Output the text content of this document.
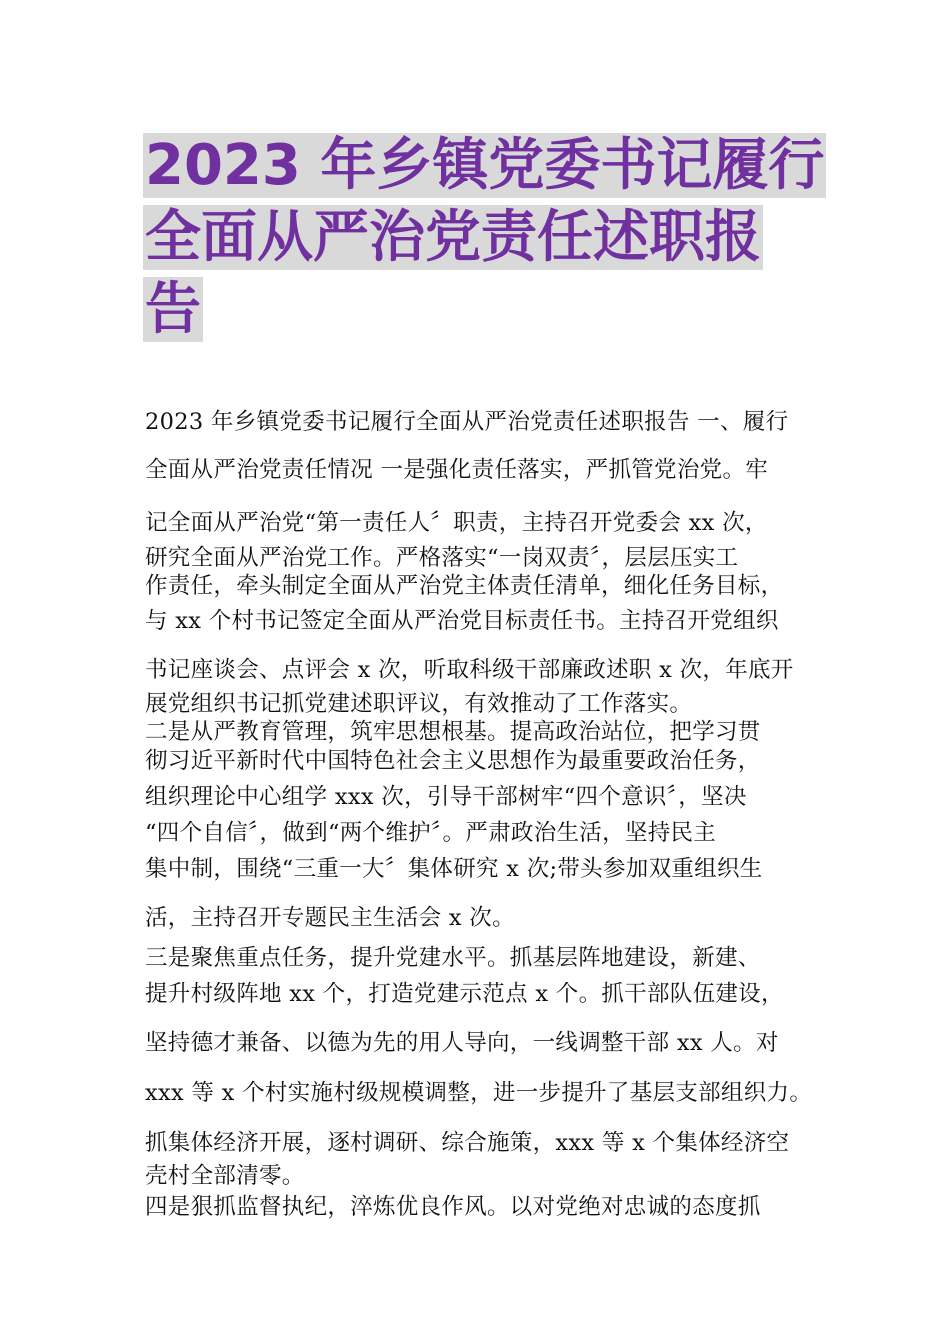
2023 年乡镇党委书记履行
全面从严治党责任述职报
告

2023 年乡镇党委书记履行全面从严治党责任述职报告 一、履行

全面从严治党责任情况 一是强化责任落实，严抓管党治党。牢

记全面从严治党“第一责任人〞职责，主持召开党委会 xx 次，

研究全面从严治党工作。严格落实“一岗双责〞，层层压实工

作责任，牵头制定全面从严治党主体责任清单，细化任务目标，

与 xx 个村书记签定全面从严治党目标责任书。主持召开党组织

书记座谈会、点评会 x 次，听取科级干部廉政述职 x 次，年底开

展党组织书记抓党建述职评议，有效推动了工作落实。

二是从严教育管理，筑牢思想根基。提高政治站位，把学习贯

彻习近平新时代中国特色社会主义思想作为最重要政治任务，

组织理论中心组学 xxx 次，引导干部树牢“四个意识〞，坚决

“四个自信〞，做到“两个维护〞。严肃政治生活，坚持民主

集中制，围绕“三重一大〞集体研究 x 次;带头参加双重组织生

活，主持召开专题民主生活会 x 次。

三是聚焦重点任务，提升党建水平。抓基层阵地建设，新建、

提升村级阵地 xx 个，打造党建示范点 x 个。抓干部队伍建设，

坚持德才兼备、以德为先的用人导向，一线调整干部 xx 人。对

xxx 等 x 个村实施村级规模调整，进一步提升了基层支部组织力。

抓集体经济开展，逐村调研、综合施策，xxx 等 x 个集体经济空

壳村全部清零。

四是狠抓监督执纪，淬炼优良作风。以对党绝对忠诚的态度抓
